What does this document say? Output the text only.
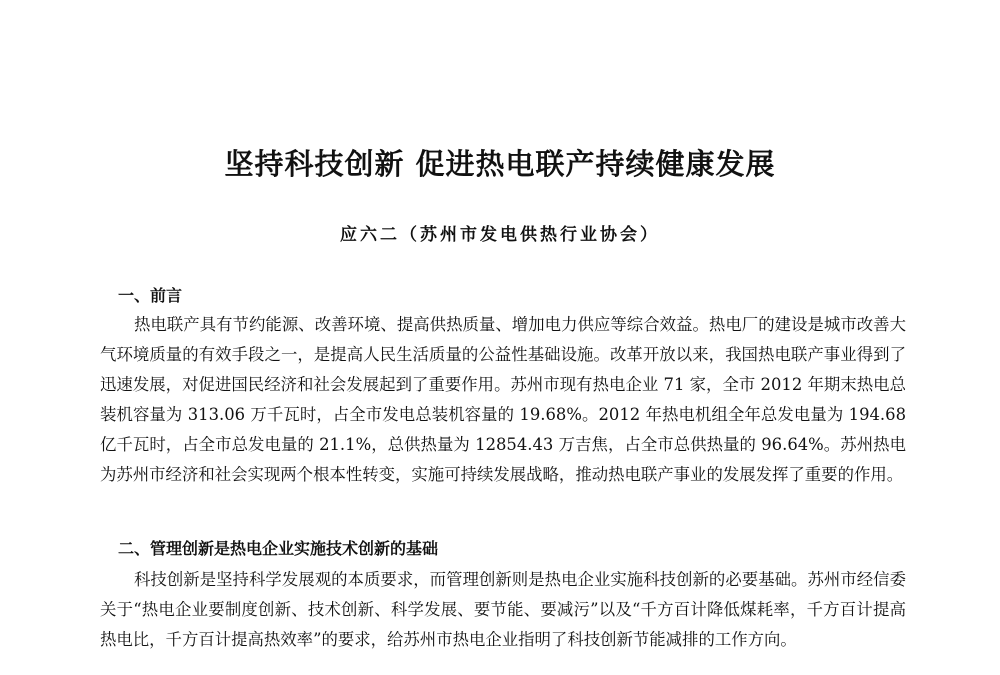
坚持科技创新 促进热电联产持续健康发展
应六二（苏州市发电供热行业协会）
一、前言
热电联产具有节约能源、改善环境、提高供热质量、增加电力供应等综合效益。热电厂的建设是城市改善大气环境质量的有效手段之一，是提高人民生活质量的公益性基础设施。改革开放以来，我国热电联产事业得到了迅速发展，对促进国民经济和社会发展起到了重要作用。苏州市现有热电企业 71 家，全市 2012 年期末热电总装机容量为 313.06 万千瓦时，占全市发电总装机容量的 19.68%。2012 年热电机组全年总发电量为 194.68 亿千瓦时，占全市总发电量的 21.1%，总供热量为 12854.43 万吉焦，占全市总供热量的 96.64%。苏州热电为苏州市经济和社会实现两个根本性转变，实施可持续发展战略，推动热电联产事业的发展发挥了重要的作用。
二、管理创新是热电企业实施技术创新的基础
科技创新是坚持科学发展观的本质要求，而管理创新则是热电企业实施科技创新的必要基础。苏州市经信委关于“热电企业要制度创新、技术创新、科学发展、要节能、要减污”以及“千方百计降低煤耗率，千方百计提高热电比，千方百计提高热效率”的要求，给苏州市热电企业指明了科技创新节能减排的工作方向。
